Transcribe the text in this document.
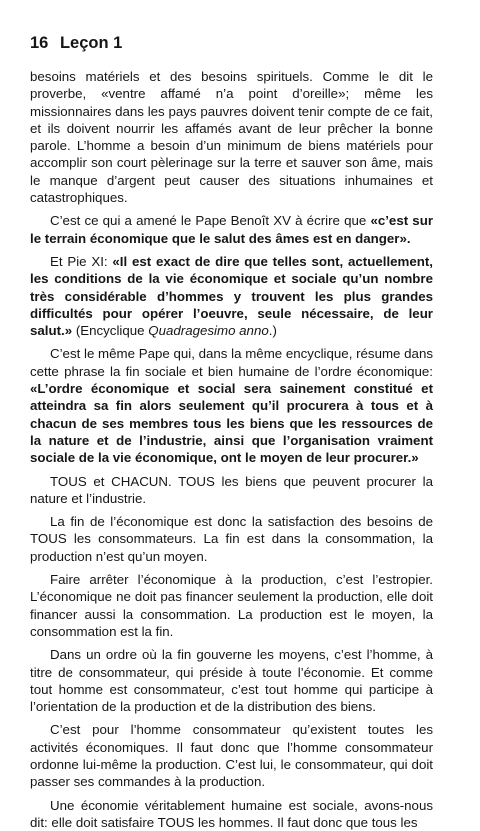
16 Leçon 1

besoins matériels et des besoins spirituels. Comme le dit le proverbe, «ventre affamé n’a point d’oreille»; même les missionnaires dans les pays pauvres doivent tenir compte de ce fait, et ils doivent nourrir les affamés avant de leur prêcher la bonne parole. L’homme a besoin d’un minimum de biens matériels pour accomplir son court pèlerinage sur la terre et sauver son âme, mais le manque d’argent peut causer des situations inhumaines et catastrophiques.

C’est ce qui a amené le Pape Benoît XV à écrire que «c’est sur le terrain économique que le salut des âmes est en danger».

Et Pie XI: «Il est exact de dire que telles sont, actuellement, les conditions de la vie économique et sociale qu’un nombre très considérable d’hommes y trouvent les plus grandes difficultés pour opérer l’oeuvre, seule nécessaire, de leur salut.» (Encyclique Quadragesimo anno.)

C’est le même Pape qui, dans la même encyclique, résume dans cette phrase la fin sociale et bien humaine de l’ordre économique: «L’ordre économique et social sera sainement constitué et atteindra sa fin alors seulement qu’il procurera à tous et à chacun de ses membres tous les biens que les ressources de la nature et de l’industrie, ainsi que l’organisation vraiment sociale de la vie économique, ont le moyen de leur procurer.»

TOUS et CHACUN. TOUS les biens que peuvent procurer la nature et l’industrie.

La fin de l’économique est donc la satisfaction des besoins de TOUS les consommateurs. La fin est dans la consommation, la production n’est qu’un moyen.

Faire arrêter l’économique à la production, c’est l’estropier. L’économique ne doit pas financer seulement la production, elle doit financer aussi la consommation. La production est le moyen, la consommation est la fin.

Dans un ordre où la fin gouverne les moyens, c’est l’homme, à titre de consommateur, qui préside à toute l’économie. Et comme tout homme est consommateur, c’est tout homme qui participe à l’orientation de la production et de la distribution des biens.

C’est pour l’homme consommateur qu’existent toutes les activités économiques. Il faut donc que l’homme consommateur ordonne lui-même la production. C’est lui, le consommateur, qui doit passer ses commandes à la production.

Une économie véritablement humaine est sociale, avons-nous dit: elle doit satisfaire TOUS les hommes. Il faut donc que tous les
